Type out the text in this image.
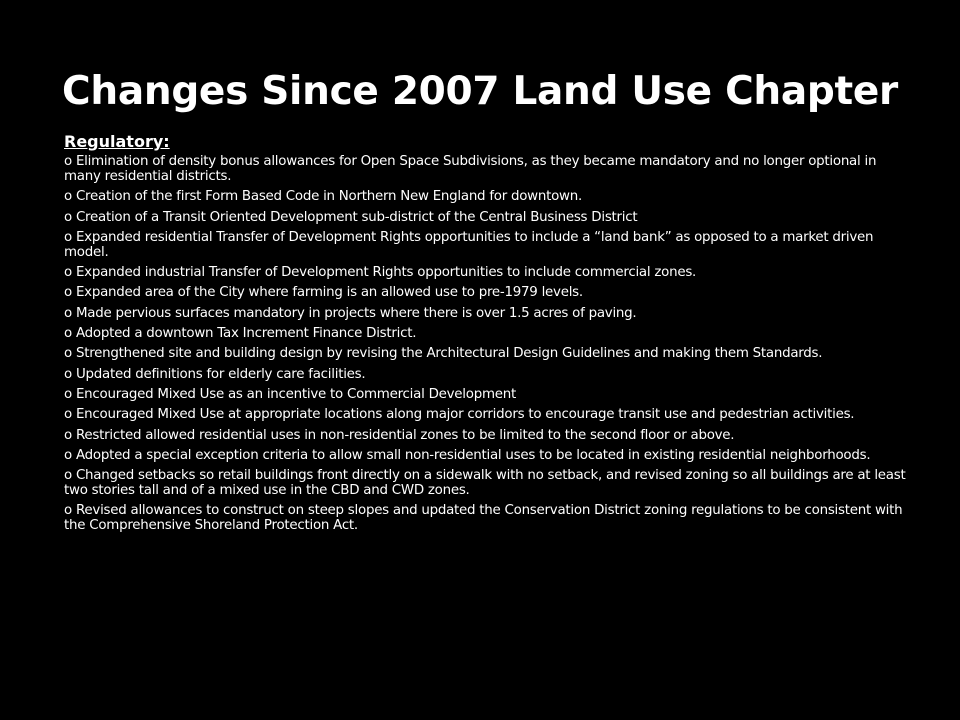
Changes Since 2007 Land Use Chapter
Regulatory:
o Elimination of density bonus allowances for Open Space Subdivisions, as they became mandatory and no longer optional in many residential districts.
o Creation of the first Form Based Code in Northern New England for downtown.
o Creation of a Transit Oriented Development sub-district of the Central Business District
o Expanded residential Transfer of Development Rights opportunities to include a “land bank” as opposed to a market driven model.
o Expanded industrial Transfer of Development Rights opportunities to include commercial zones.
o Expanded area of the City where farming is an allowed use to pre-1979 levels.
o Made pervious surfaces mandatory in projects where there is over 1.5 acres of paving.
o Adopted a downtown Tax Increment Finance District.
o Strengthened site and building design by revising the Architectural Design Guidelines and making them Standards.
o Updated definitions for elderly care facilities.
o Encouraged Mixed Use as an incentive to Commercial Development
o Encouraged Mixed Use at appropriate locations along major corridors to encourage transit use and pedestrian activities.
o Restricted allowed residential uses in non-residential zones to be limited to the second floor or above.
o Adopted a special exception criteria to allow small non-residential uses to be located in existing residential neighborhoods.
o Changed setbacks so retail buildings front directly on a sidewalk with no setback, and revised zoning so all buildings are at least two stories tall and of a mixed use in the CBD and CWD zones.
o Revised allowances to construct on steep slopes and updated the Conservation District zoning regulations to be consistent with the Comprehensive Shoreland Protection Act.
